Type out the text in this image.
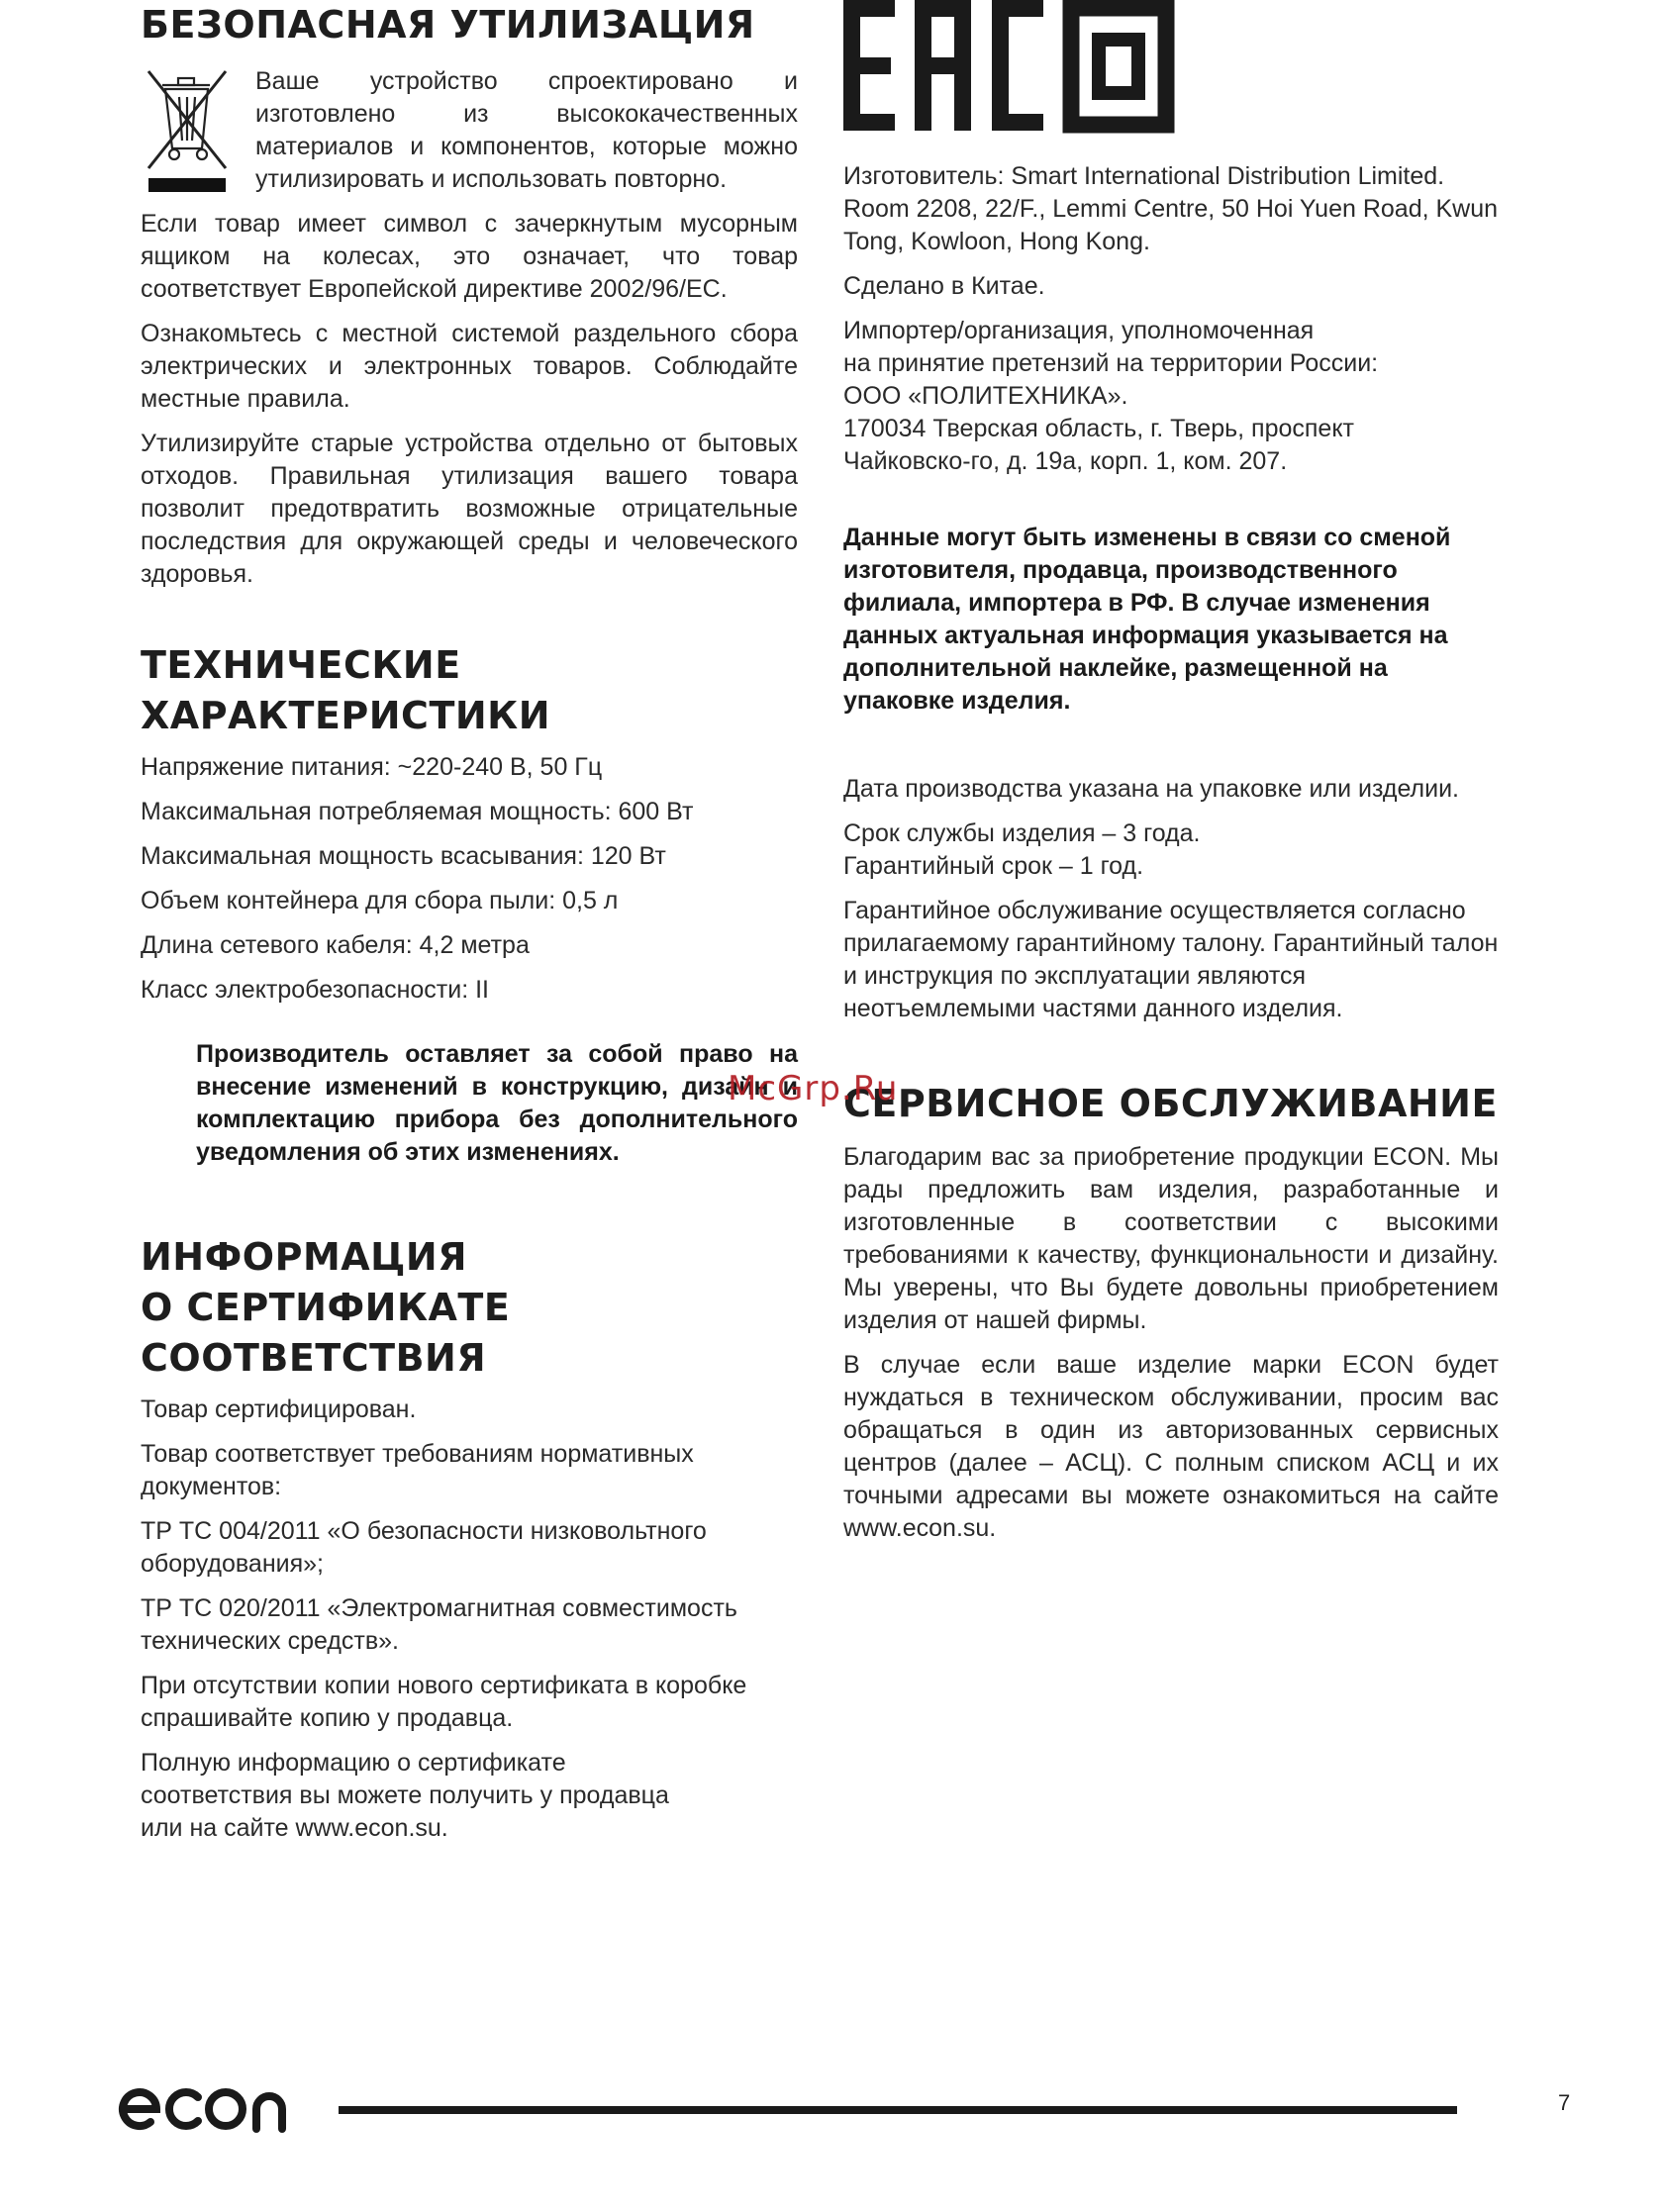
БЕЗОПАСНАЯ УТИЛИЗАЦИЯ

Ваше устройство спроектировано и изготовлено из высококачественных материалов и компонентов, которые можно утилизировать и использовать повторно.

Если товар имеет символ с зачеркнутым мусорным ящиком на колесах, это означает, что товар соответствует Европейской директиве 2002/96/EC.

Ознакомьтесь с местной системой раздельного сбора электрических и электронных товаров. Соблюдайте местные правила.

Утилизируйте старые устройства отдельно от бытовых отходов. Правильная утилизация вашего товара позволит предотвратить возможные отрицательные последствия для окружающей среды и человеческого здоровья.

ТЕХНИЧЕСКИЕ
ХАРАКТЕРИСТИКИ
Напряжение питания: ~220-240 В, 50 Гц
Максимальная потребляемая мощность: 600 Вт
Максимальная мощность всасывания: 120 Вт
Объем контейнера для сбора пыли: 0,5 л
Длина сетевого кабеля: 4,2 метра
Класс электробезопасности: II

Производитель оставляет за собой право на внесение изменений в конструкцию, дизайн и комплектацию прибора без дополнительного уведомления об этих изменениях.

ИНФОРМАЦИЯ
О СЕРТИФИКАТЕ
СООТВЕТСТВИЯ

Товар сертифицирован.

Товар соответствует требованиям нормативных документов:

ТР ТС 004/2011 «О безопасности низковольтного оборудования»;

ТР ТС 020/2011 «Электромагнитная совместимость технических средств».

При отсутствии копии нового сертификата в коробке спрашивайте копию у продавца.

Полную информацию о сертификате соответствия вы можете получить у продавца или на сайте www.econ.su.

Изготовитель: Smart International Distribution Limited. Room 2208, 22/F., Lemmi Centre, 50 Hoi Yuen Road, Kwun Tong, Kowloon, Hong Kong.

Сделано в Китае.

Импортер/организация, уполномоченная
на принятие претензий на территории России:
ООО «ПОЛИТЕХНИКА».
170034 Тверская область, г. Тверь, проспект
Чайковско-го, д. 19а, корп. 1, ком. 207.

Данные могут быть изменены в связи со сменой изготовителя, продавца, производственного филиала, импортера в РФ. В случае изменения данных актуальная информация указывается на дополнительной наклейке, размещенной на упаковке изделия.

Дата производства указана на упаковке или изделии.

Срок службы изделия – 3 года.
Гарантийный срок – 1 год.

Гарантийное обслуживание осуществляется согласно прилагаемому гарантийному талону. Гарантийный талон и инструкция по эксплуатации являются неотъемлемыми частями данного изделия.

СЕРВИСНОЕ ОБСЛУЖИВАНИЕ

Благодарим вас за приобретение продукции ECON. Мы рады предложить вам изделия, разработанные и изготовленные в соответствии с высокими требованиями к качеству, функциональности и дизайну. Мы уверены, что Вы будете довольны приобретением изделия от нашей фирмы.

В случае если ваше изделие марки ECON будет нуждаться в техническом обслуживании, просим вас обращаться в один из авторизованных сервисных центров (далее – АСЦ). С полным списком АСЦ и их точными адресами вы можете ознакомиться на сайте www.econ.su.

McGrp.Ru
7
